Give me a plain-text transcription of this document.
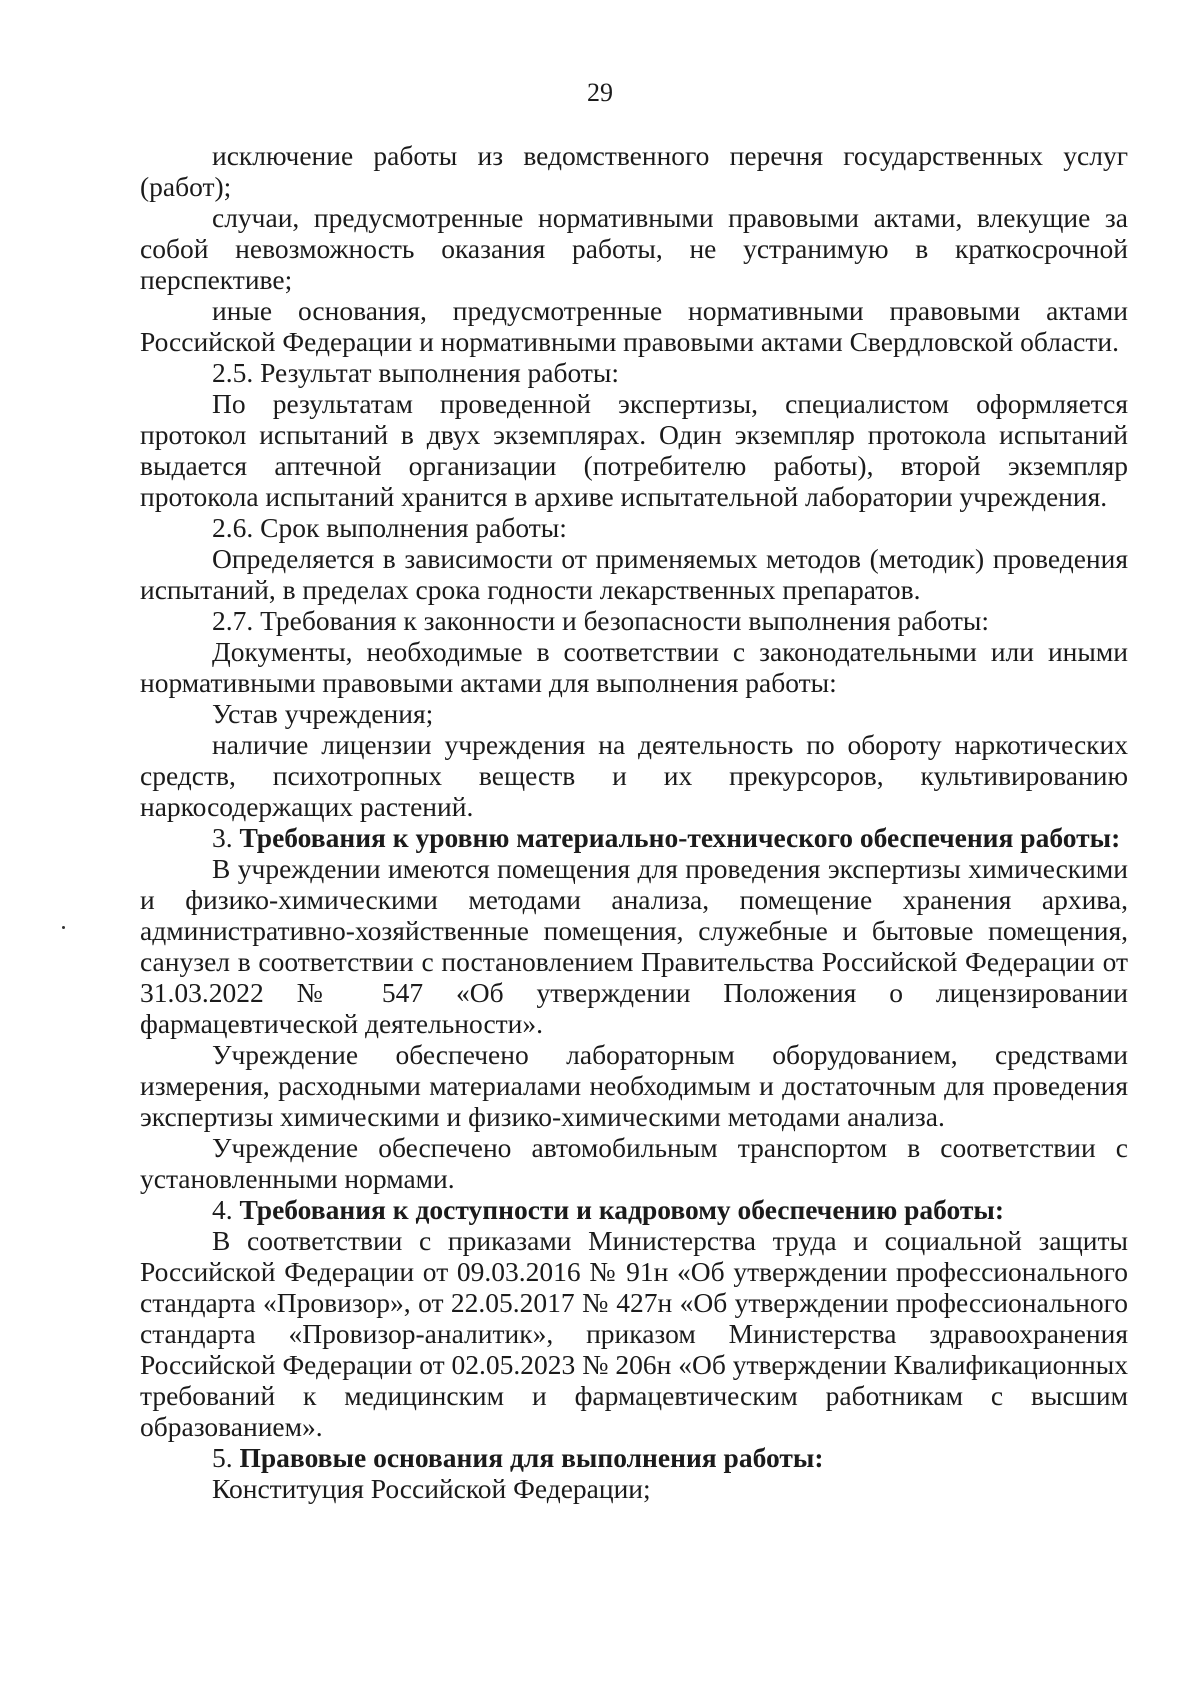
29

исключение работы из ведомственного перечня государственных услуг (работ);

случаи, предусмотренные нормативными правовыми актами, влекущие за собой невозможность оказания работы, не устранимую в краткосрочной перспективе;

иные основания, предусмотренные нормативными правовыми актами Российской Федерации и нормативными правовыми актами Свердловской области.

2.5. Результат выполнения работы:

По результатам проведенной экспертизы, специалистом оформляется протокол испытаний в двух экземплярах. Один экземпляр протокола испытаний выдается аптечной организации (потребителю работы), второй экземпляр протокола испытаний хранится в архиве испытательной лаборатории учреждения.

2.6. Срок выполнения работы:

Определяется в зависимости от применяемых методов (методик) проведения испытаний, в пределах срока годности лекарственных препаратов.

2.7. Требования к законности и безопасности выполнения работы:

Документы, необходимые в соответствии с законодательными или иными нормативными правовыми актами для выполнения работы:

Устав учреждения;

наличие лицензии учреждения на деятельность по обороту наркотических средств, психотропных веществ и их прекурсоров, культивированию наркосодержащих растений.

3. Требования к уровню материально-технического обеспечения работы:

В учреждении имеются помещения для проведения экспертизы химическими и физико-химическими методами анализа, помещение хранения архива, административно-хозяйственные помещения, служебные и бытовые помещения, санузел в соответствии с постановлением Правительства Российской Федерации от 31.03.2022 № 547 «Об утверждении Положения о лицензировании фармацевтической деятельности».

Учреждение обеспечено лабораторным оборудованием, средствами измерения, расходными материалами необходимым и достаточным для проведения экспертизы химическими и физико-химическими методами анализа.

Учреждение обеспечено автомобильным транспортом в соответствии с установленными нормами.

4. Требования к доступности и кадровому обеспечению работы:

В соответствии с приказами Министерства труда и социальной защиты Российской Федерации от 09.03.2016 № 91н «Об утверждении профессионального стандарта «Провизор», от 22.05.2017 № 427н «Об утверждении профессионального стандарта «Провизор-аналитик», приказом Министерства здравоохранения Российской Федерации от 02.05.2023 № 206н «Об утверждении Квалификационных требований к медицинским и фармацевтическим работникам с высшим образованием».

5. Правовые основания для выполнения работы:

Конституция Российской Федерации;
